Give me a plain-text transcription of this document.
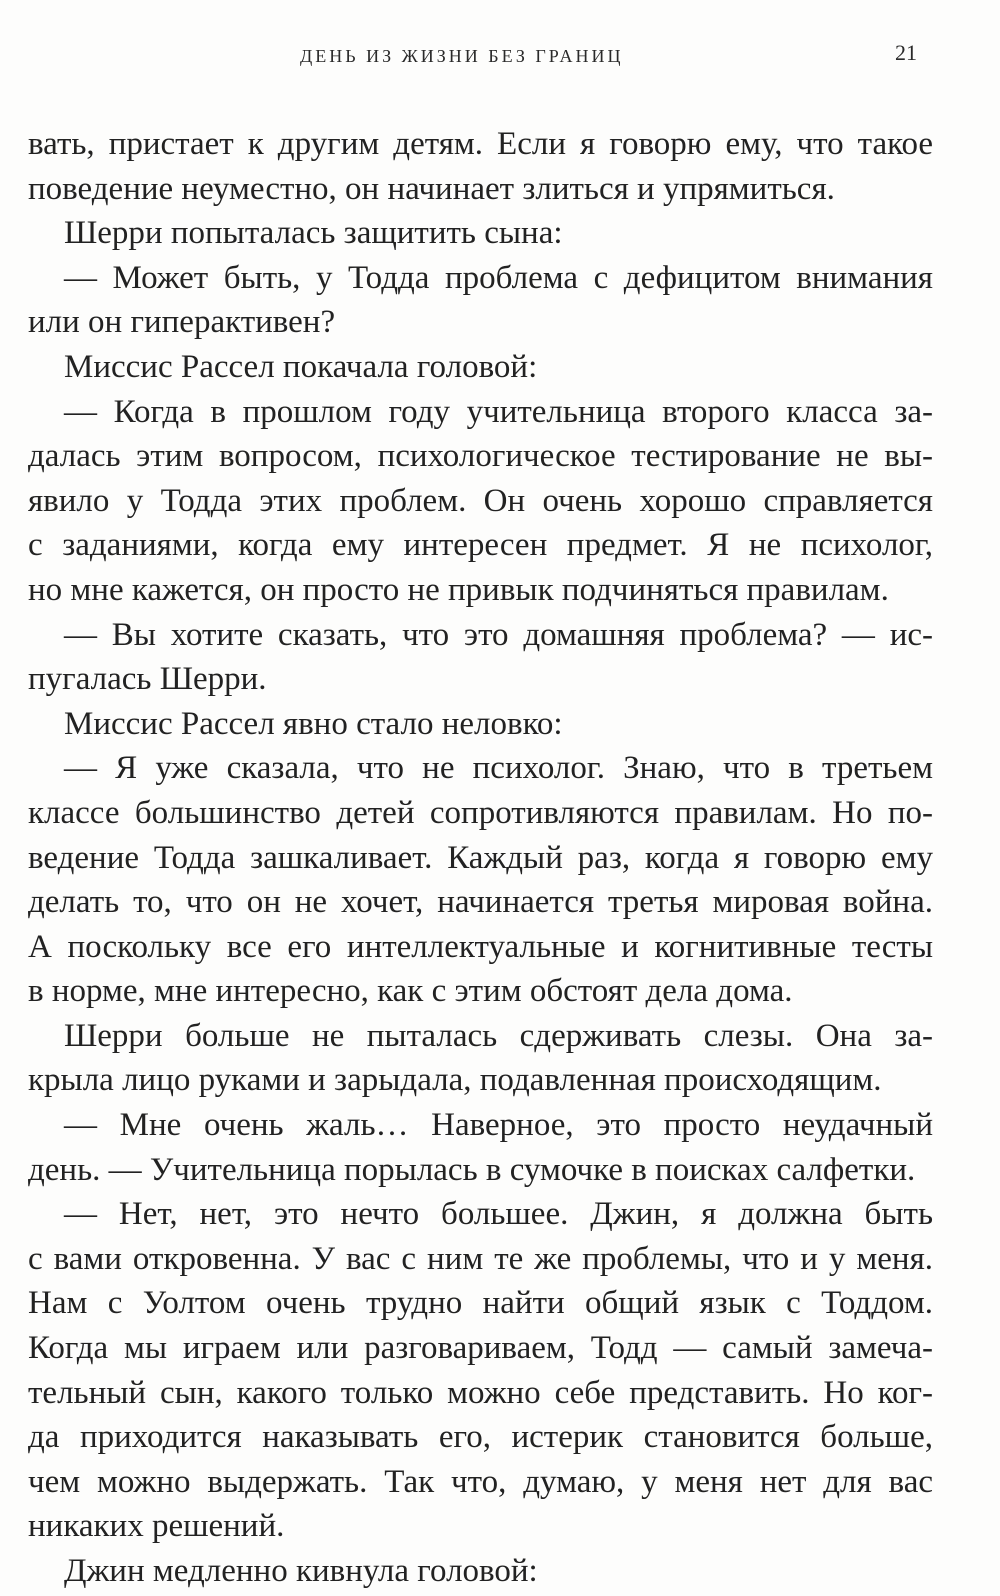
ДЕНЬ ИЗ ЖИЗНИ БЕЗ ГРАНИЦ	21
вать, пристает к другим детям. Если я говорю ему, что такое
поведение неуместно, он начинает злиться и упрямиться.
Шерри попыталась защитить сына:
— Может быть, у Тодда проблема с дефицитом внимания
или он гиперактивен?
Миссис Рассел покачала головой:
— Когда в прошлом году учительница второго класса за-
далась этим вопросом, психологическое тестирование не вы-
явило у Тодда этих проблем. Он очень хорошо справляется
с заданиями, когда ему интересен предмет. Я не психолог,
но мне кажется, он просто не привык подчиняться правилам.
— Вы хотите сказать, что это домашняя проблема? — ис-
пугалась Шерри.
Миссис Рассел явно стало неловко:
— Я уже сказала, что не психолог. Знаю, что в третьем
классе большинство детей сопротивляются правилам. Но по-
ведение Тодда зашкаливает. Каждый раз, когда я говорю ему
делать то, что он не хочет, начинается третья мировая война.
А поскольку все его интеллектуальные и когнитивные тесты
в норме, мне интересно, как с этим обстоят дела дома.
Шерри больше не пыталась сдерживать слезы. Она за-
крыла лицо руками и зарыдала, подавленная происходящим.
— Мне очень жаль… Наверное, это просто неудачный
день. — Учительница порылась в сумочке в поисках салфетки.
— Нет, нет, это нечто большее. Джин, я должна быть
с вами откровенна. У вас с ним те же проблемы, что и у меня.
Нам с Уолтом очень трудно найти общий язык с Тоддом.
Когда мы играем или разговариваем, Тодд — самый замеча-
тельный сын, какого только можно себе представить. Но ког-
да приходится наказывать его, истерик становится больше,
чем можно выдержать. Так что, думаю, у меня нет для вас
никаких решений.
Джин медленно кивнула головой:
